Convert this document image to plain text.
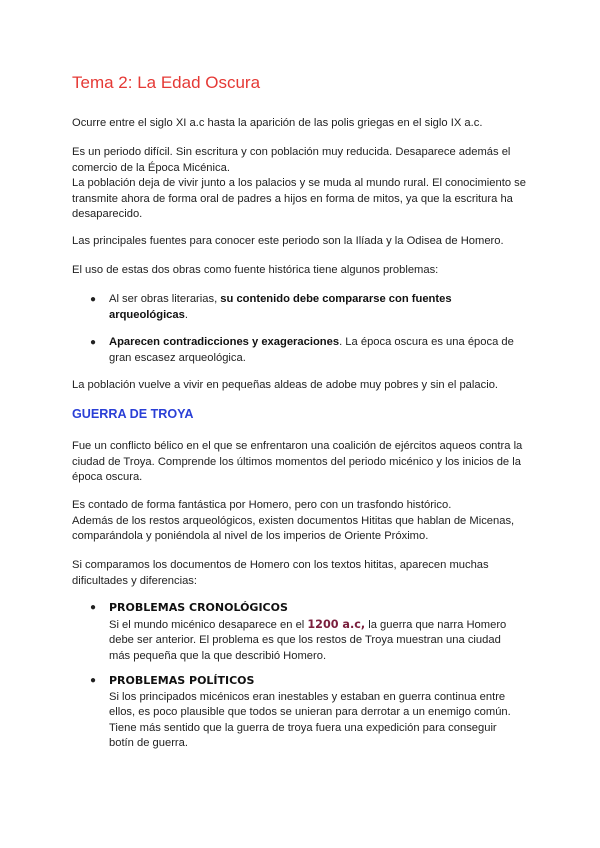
Tema 2: La Edad Oscura

Ocurre entre el siglo XI a.c hasta la aparición de las polis griegas en el siglo IX a.c.

Es un periodo difícil. Sin escritura y con población muy reducida. Desaparece además el comercio de la Época Micénica.
La población deja de vivir junto a los palacios y se muda al mundo rural. El conocimiento se transmite ahora de forma oral de padres a hijos en forma de mitos, ya que la escritura ha desaparecido.

Las principales fuentes para conocer este periodo son la Ilíada y la Odisea de Homero.

El uso de estas dos obras como fuente histórica tiene algunos problemas:

● Al ser obras literarias, su contenido debe compararse con fuentes arqueológicas.
● Aparecen contradicciones y exageraciones. La época oscura es una época de gran escasez arqueológica.

La población vuelve a vivir en pequeñas aldeas de adobe muy pobres y sin el palacio.

GUERRA DE TROYA

Fue un conflicto bélico en el que se enfrentaron una coalición de ejércitos aqueos contra la ciudad de Troya. Comprende los últimos momentos del periodo micénico y los inicios de la época oscura.

Es contado de forma fantástica por Homero, pero con un trasfondo histórico.
Además de los restos arqueológicos, existen documentos Hititas que hablan de Micenas, comparándola y poniéndola al nivel de los imperios de Oriente Próximo.

Si comparamos los documentos de Homero con los textos hititas, aparecen muchas dificultades y diferencias:

● PROBLEMAS CRONOLÓGICOS
Si el mundo micénico desaparece en el 1200 a.c, la guerra que narra Homero debe ser anterior. El problema es que los restos de Troya muestran una ciudad más pequeña que la que describió Homero.
● PROBLEMAS POLÍTICOS
Si los principados micénicos eran inestables y estaban en guerra continua entre ellos, es poco plausible que todos se unieran para derrotar a un enemigo común. Tiene más sentido que la guerra de troya fuera una expedición para conseguir botín de guerra.
